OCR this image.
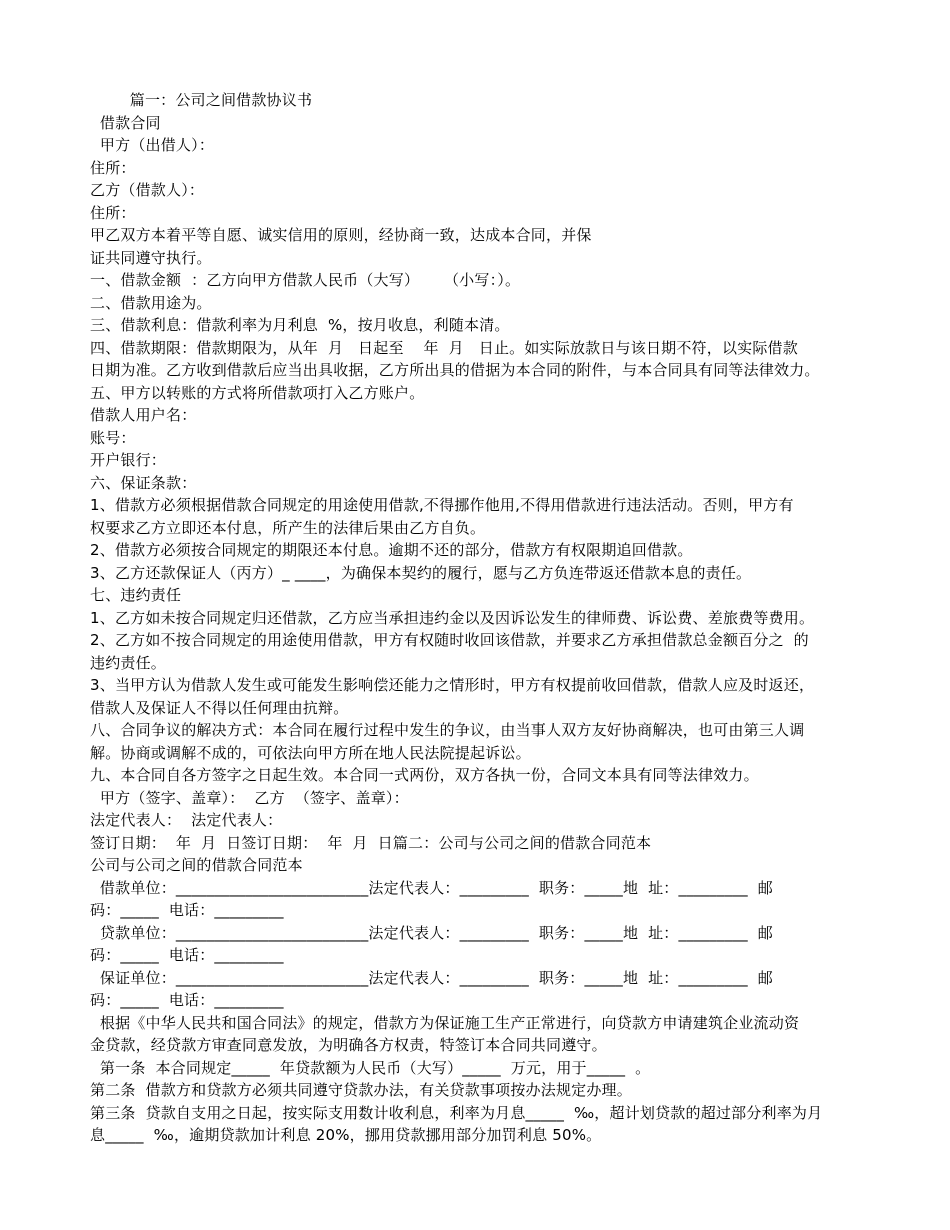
篇一：公司之间借款协议书
借款合同
甲方（出借人）：
住所：
乙方（借款人）：
住所：
甲乙双方本着平等自愿、诚实信用的原则，经协商一致，达成本合同，并保
证共同遵守执行。
一、借款金额  ：乙方向甲方借款人民币（大写）     （小写：）。
二、借款用途为。
三、借款利息：借款利率为月利息  %，按月收息，利随本清。
四、借款期限：借款期限为，从年  月   日起至    年  月   日止。如实际放款日与该日期不符，以实际借款
日期为准。乙方收到借款后应当出具收据，乙方所出具的借据为本合同的附件，与本合同具有同等法律效力。
五、甲方以转账的方式将所借款项打入乙方账户。
借款人用户名：
账号：
开户银行：
六、保证条款：
1、借款方必须根据借款合同规定的用途使用借款,不得挪作他用,不得用借款进行违法活动。否则，甲方有
权要求乙方立即还本付息，所产生的法律后果由乙方自负。
2、借款方必须按合同规定的期限还本付息。逾期不还的部分，借款方有权限期追回借款。
3、乙方还款保证人（丙方）_ ____，为确保本契约的履行，愿与乙方负连带返还借款本息的责任。
七、违约责任
1、乙方如未按合同规定归还借款，乙方应当承担违约金以及因诉讼发生的律师费、诉讼费、差旅费等费用。
2、乙方如不按合同规定的用途使用借款，甲方有权随时收回该借款，并要求乙方承担借款总金额百分之  的
违约责任。
3、当甲方认为借款人发生或可能发生影响偿还能力之情形时，甲方有权提前收回借款，借款人应及时返还，
借款人及保证人不得以任何理由抗辩。
八、合同争议的解决方式：本合同在履行过程中发生的争议，由当事人双方友好协商解决，也可由第三人调
解。协商或调解不成的，可依法向甲方所在地人民法院提起诉讼。
九、本合同自各方签字之日起生效。本合同一式两份，双方各执一份，合同文本具有同等法律效力。
甲方（签字、盖章）：  乙方  （签字、盖章）：
法定代表人：  法定代表人：
签订日期：  年  月  日签订日期：  年  月  日篇二：公司与公司之间的借款合同范本
公司与公司之间的借款合同范本
借款单位：_________________________法定代表人：_________  职务：_____地  址：_________  邮
码：_____  电话：_________
贷款单位：_________________________法定代表人：_________  职务：_____地  址：_________  邮
码：_____  电话：_________
保证单位：_________________________法定代表人：_________  职务：_____地  址：_________  邮
码：_____  电话：_________
根据《中华人民共和国合同法》的规定，借款方为保证施工生产正常进行，向贷款方申请建筑企业流动资
金贷款，经贷款方审查同意发放，为明确各方权责，特签订本合同共同遵守。
第一条  本合同规定_____  年贷款额为人民币（大写）_____  万元，用于_____  。
第二条  借款方和贷款方必须共同遵守贷款办法，有关贷款事项按办法规定办理。
第三条  贷款自支用之日起，按实际支用数计收利息，利率为月息_____  ‰，超计划贷款的超过部分利率为月
息_____  ‰，逾期贷款加计利息 20%，挪用贷款挪用部分加罚利息 50%。
